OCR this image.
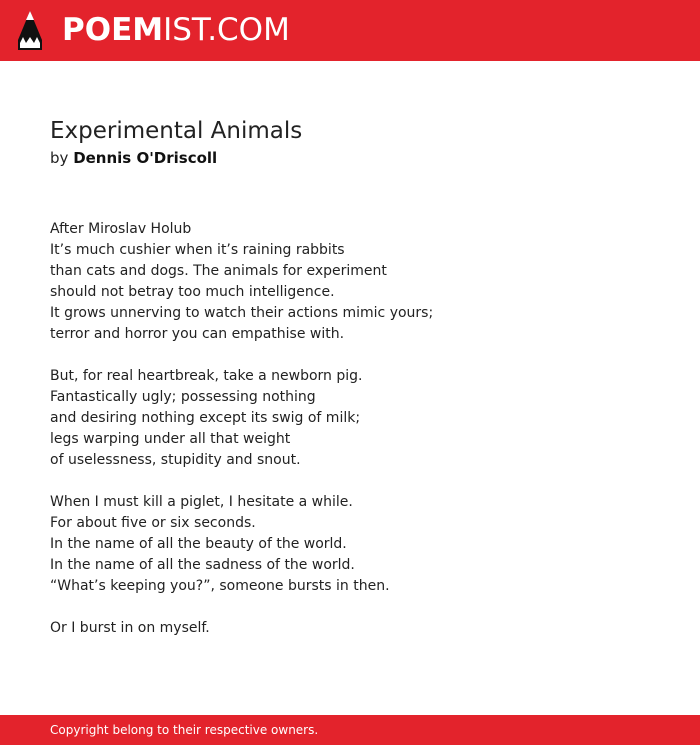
POEMIST.COM
Experimental Animals
by Dennis O'Driscoll
After Miroslav Holub
It’s much cushier when it’s raining rabbits
than cats and dogs. The animals for experiment
should not betray too much intelligence.
It grows unnerving to watch their actions mimic yours;
terror and horror you can empathise with.
But, for real heartbreak, take a newborn pig.
Fantastically ugly; possessing nothing
and desiring nothing except its swig of milk;
legs warping under all that weight
of uselessness, stupidity and snout.
When I must kill a piglet, I hesitate a while.
For about five or six seconds.
In the name of all the beauty of the world.
In the name of all the sadness of the world.
“What’s keeping you?”, someone bursts in then.
Or I burst in on myself.
Copyright belong to their respective owners.
